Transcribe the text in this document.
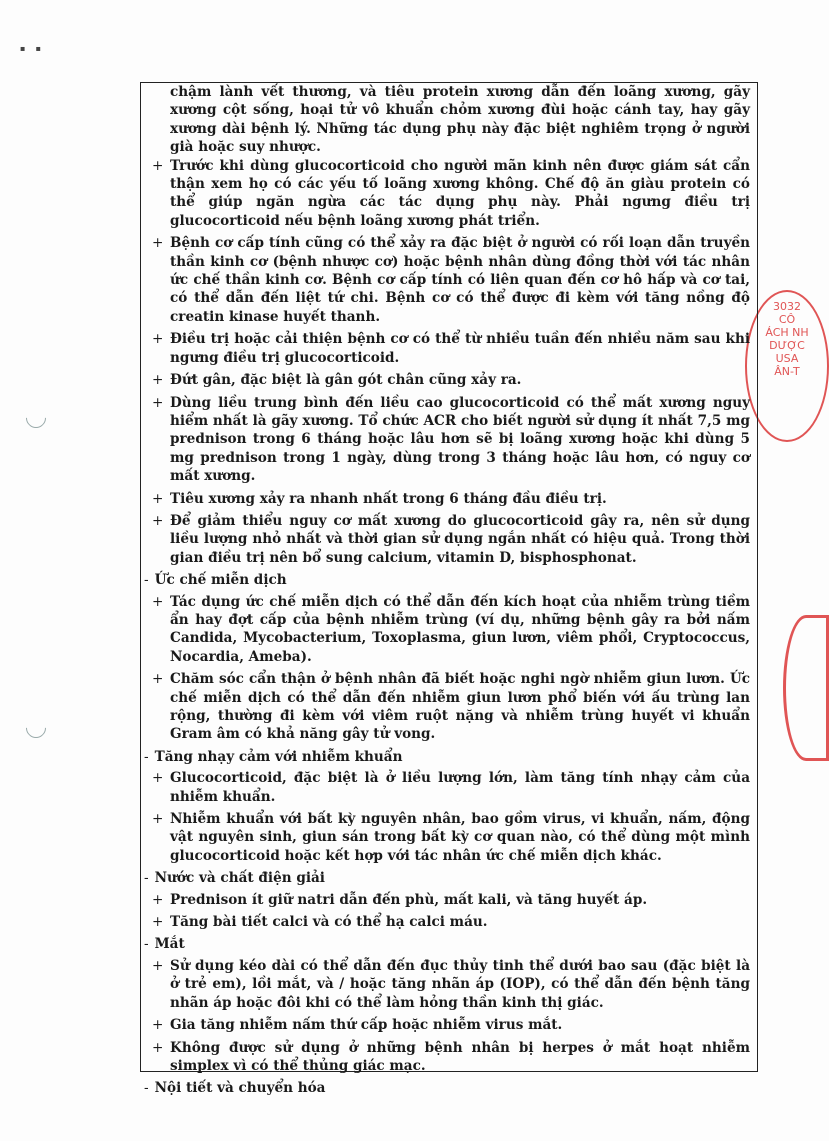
▪    ▪
3032
CÔ
ÁCH NH
DƯỢC
USA
ÂN-T
chậm lành vết thương, và tiêu protein xương dẫn đến loãng xương, gãy xương cột sống, hoại tử vô khuẩn chỏm xương đùi hoặc cánh tay, hay gãy xương dài bệnh lý. Những tác dụng phụ này đặc biệt nghiêm trọng ở người già hoặc suy nhược.
+ Trước khi dùng glucocorticoid cho người mãn kinh nên được giám sát cẩn thận xem họ có các yếu tố loãng xương không. Chế độ ăn giàu protein có thể giúp ngăn ngừa các tác dụng phụ này. Phải ngưng điều trị glucocorticoid nếu bệnh loãng xương phát triển.
+ Bệnh cơ cấp tính cũng có thể xảy ra đặc biệt ở người có rối loạn dẫn truyền thần kinh cơ (bệnh nhược cơ) hoặc bệnh nhân dùng đồng thời với tác nhân ức chế thần kinh cơ. Bệnh cơ cấp tính có liên quan đến cơ hô hấp và cơ tai, có thể dẫn đến liệt tứ chi. Bệnh cơ có thể được đi kèm với tăng nồng độ creatin kinase huyết thanh.
+ Điều trị hoặc cải thiện bệnh cơ có thể từ nhiều tuần đến nhiều năm sau khi ngưng điều trị glucocorticoid.
+ Đứt gân, đặc biệt là gân gót chân cũng xảy ra.
+ Dùng liều trung bình đến liều cao glucocorticoid có thể mất xương nguy hiểm nhất là gãy xương. Tổ chức ACR cho biết người sử dụng ít nhất 7,5 mg prednison trong 6 tháng hoặc lâu hơn sẽ bị loãng xương hoặc khi dùng 5 mg prednison trong 1 ngày, dùng trong 3 tháng hoặc lâu hơn, có nguy cơ mất xương.
+ Tiêu xương xảy ra nhanh nhất trong 6 tháng đầu điều trị.
+ Để giảm thiểu nguy cơ mất xương do glucocorticoid gây ra, nên sử dụng liều lượng nhỏ nhất và thời gian sử dụng ngắn nhất có hiệu quả. Trong thời gian điều trị nên bổ sung calcium, vitamin D, bisphosphonat.
- Ức chế miễn dịch
+ Tác dụng ức chế miễn dịch có thể dẫn đến kích hoạt của nhiễm trùng tiềm ẩn hay đợt cấp của bệnh nhiễm trùng (ví dụ, những bệnh gây ra bởi nấm Candida, Mycobacterium, Toxoplasma, giun lươn, viêm phổi, Cryptococcus, Nocardia, Ameba).
+ Chăm sóc cẩn thận ở bệnh nhân đã biết hoặc nghi ngờ nhiễm giun lươn. Ức chế miễn dịch có thể dẫn đến nhiễm giun lươn phổ biến với ấu trùng lan rộng, thường đi kèm với viêm ruột nặng và nhiễm trùng huyết vi khuẩn Gram âm có khả năng gây tử vong.
- Tăng nhạy cảm với nhiễm khuẩn
+ Glucocorticoid, đặc biệt là ở liều lượng lớn, làm tăng tính nhạy cảm của nhiễm khuẩn.
+ Nhiễm khuẩn với bất kỳ nguyên nhân, bao gồm virus, vi khuẩn, nấm, động vật nguyên sinh, giun sán trong bất kỳ cơ quan nào, có thể dùng một mình glucocorticoid hoặc kết hợp với tác nhân ức chế miễn dịch khác.
- Nước và chất điện giải
+ Prednison ít giữ natri dẫn đến phù, mất kali, và tăng huyết áp.
+ Tăng bài tiết calci và có thể hạ calci máu.
- Mắt
+ Sử dụng kéo dài có thể dẫn đến đục thủy tinh thể dưới bao sau (đặc biệt là ở trẻ em), lồi mắt, và / hoặc tăng nhãn áp (IOP), có thể dẫn đến bệnh tăng nhãn áp hoặc đôi khi có thể làm hỏng thần kinh thị giác.
+ Gia tăng nhiễm nấm thứ cấp hoặc nhiễm virus mắt.
+ Không được sử dụng ở những bệnh nhân bị herpes ở mắt hoạt nhiễm simplex vì có thể thủng giác mạc.
- Nội tiết và chuyển hóa
